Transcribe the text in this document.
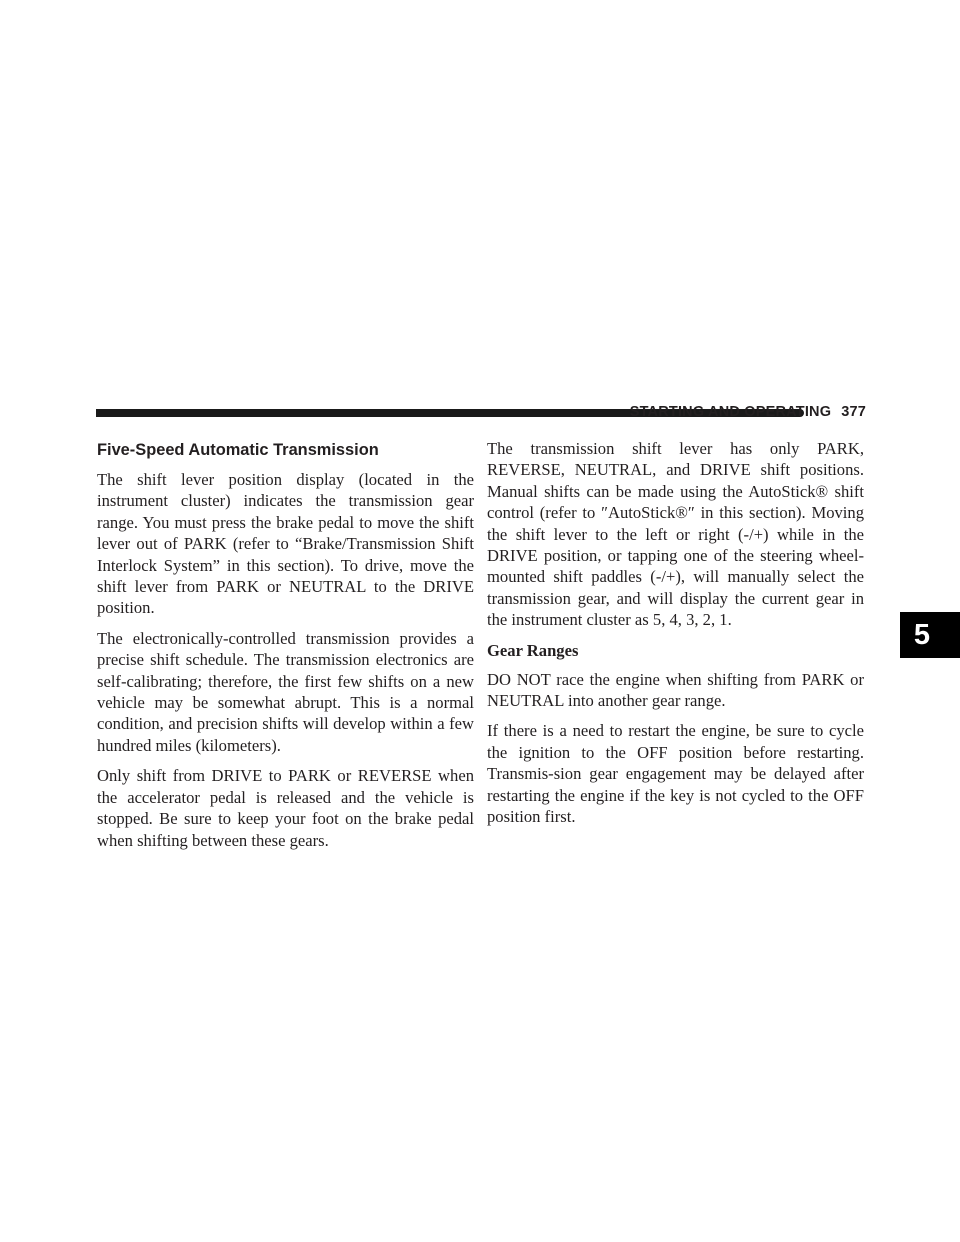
STARTING AND OPERATING 377
5
Five-Speed Automatic Transmission

The shift lever position display (located in the instrument cluster) indicates the transmission gear range. You must press the brake pedal to move the shift lever out of PARK (refer to “Brake/Transmission Shift Interlock System” in this section). To drive, move the shift lever from PARK or NEUTRAL to the DRIVE position.

The electronically-controlled transmission provides a precise shift schedule. The transmission electronics are self-calibrating; therefore, the first few shifts on a new vehicle may be somewhat abrupt. This is a normal condition, and precision shifts will develop within a few hundred miles (kilometers).

Only shift from DRIVE to PARK or REVERSE when the accelerator pedal is released and the vehicle is stopped. Be sure to keep your foot on the brake pedal when shifting between these gears.

The transmission shift lever has only PARK, REVERSE, NEUTRAL, and DRIVE shift positions. Manual shifts can be made using the AutoStick® shift control (refer to ″AutoStick®″ in this section). Moving the shift lever to the left or right (-/+) while in the DRIVE position, or tapping one of the steering wheel-mounted shift paddles (-/+), will manually select the transmission gear, and will display the current gear in the instrument cluster as 5, 4, 3, 2, 1.

Gear Ranges

DO NOT race the engine when shifting from PARK or NEUTRAL into another gear range.

If there is a need to restart the engine, be sure to cycle the ignition to the OFF position before restarting. Transmis-sion gear engagement may be delayed after restarting the engine if the key is not cycled to the OFF position first.
